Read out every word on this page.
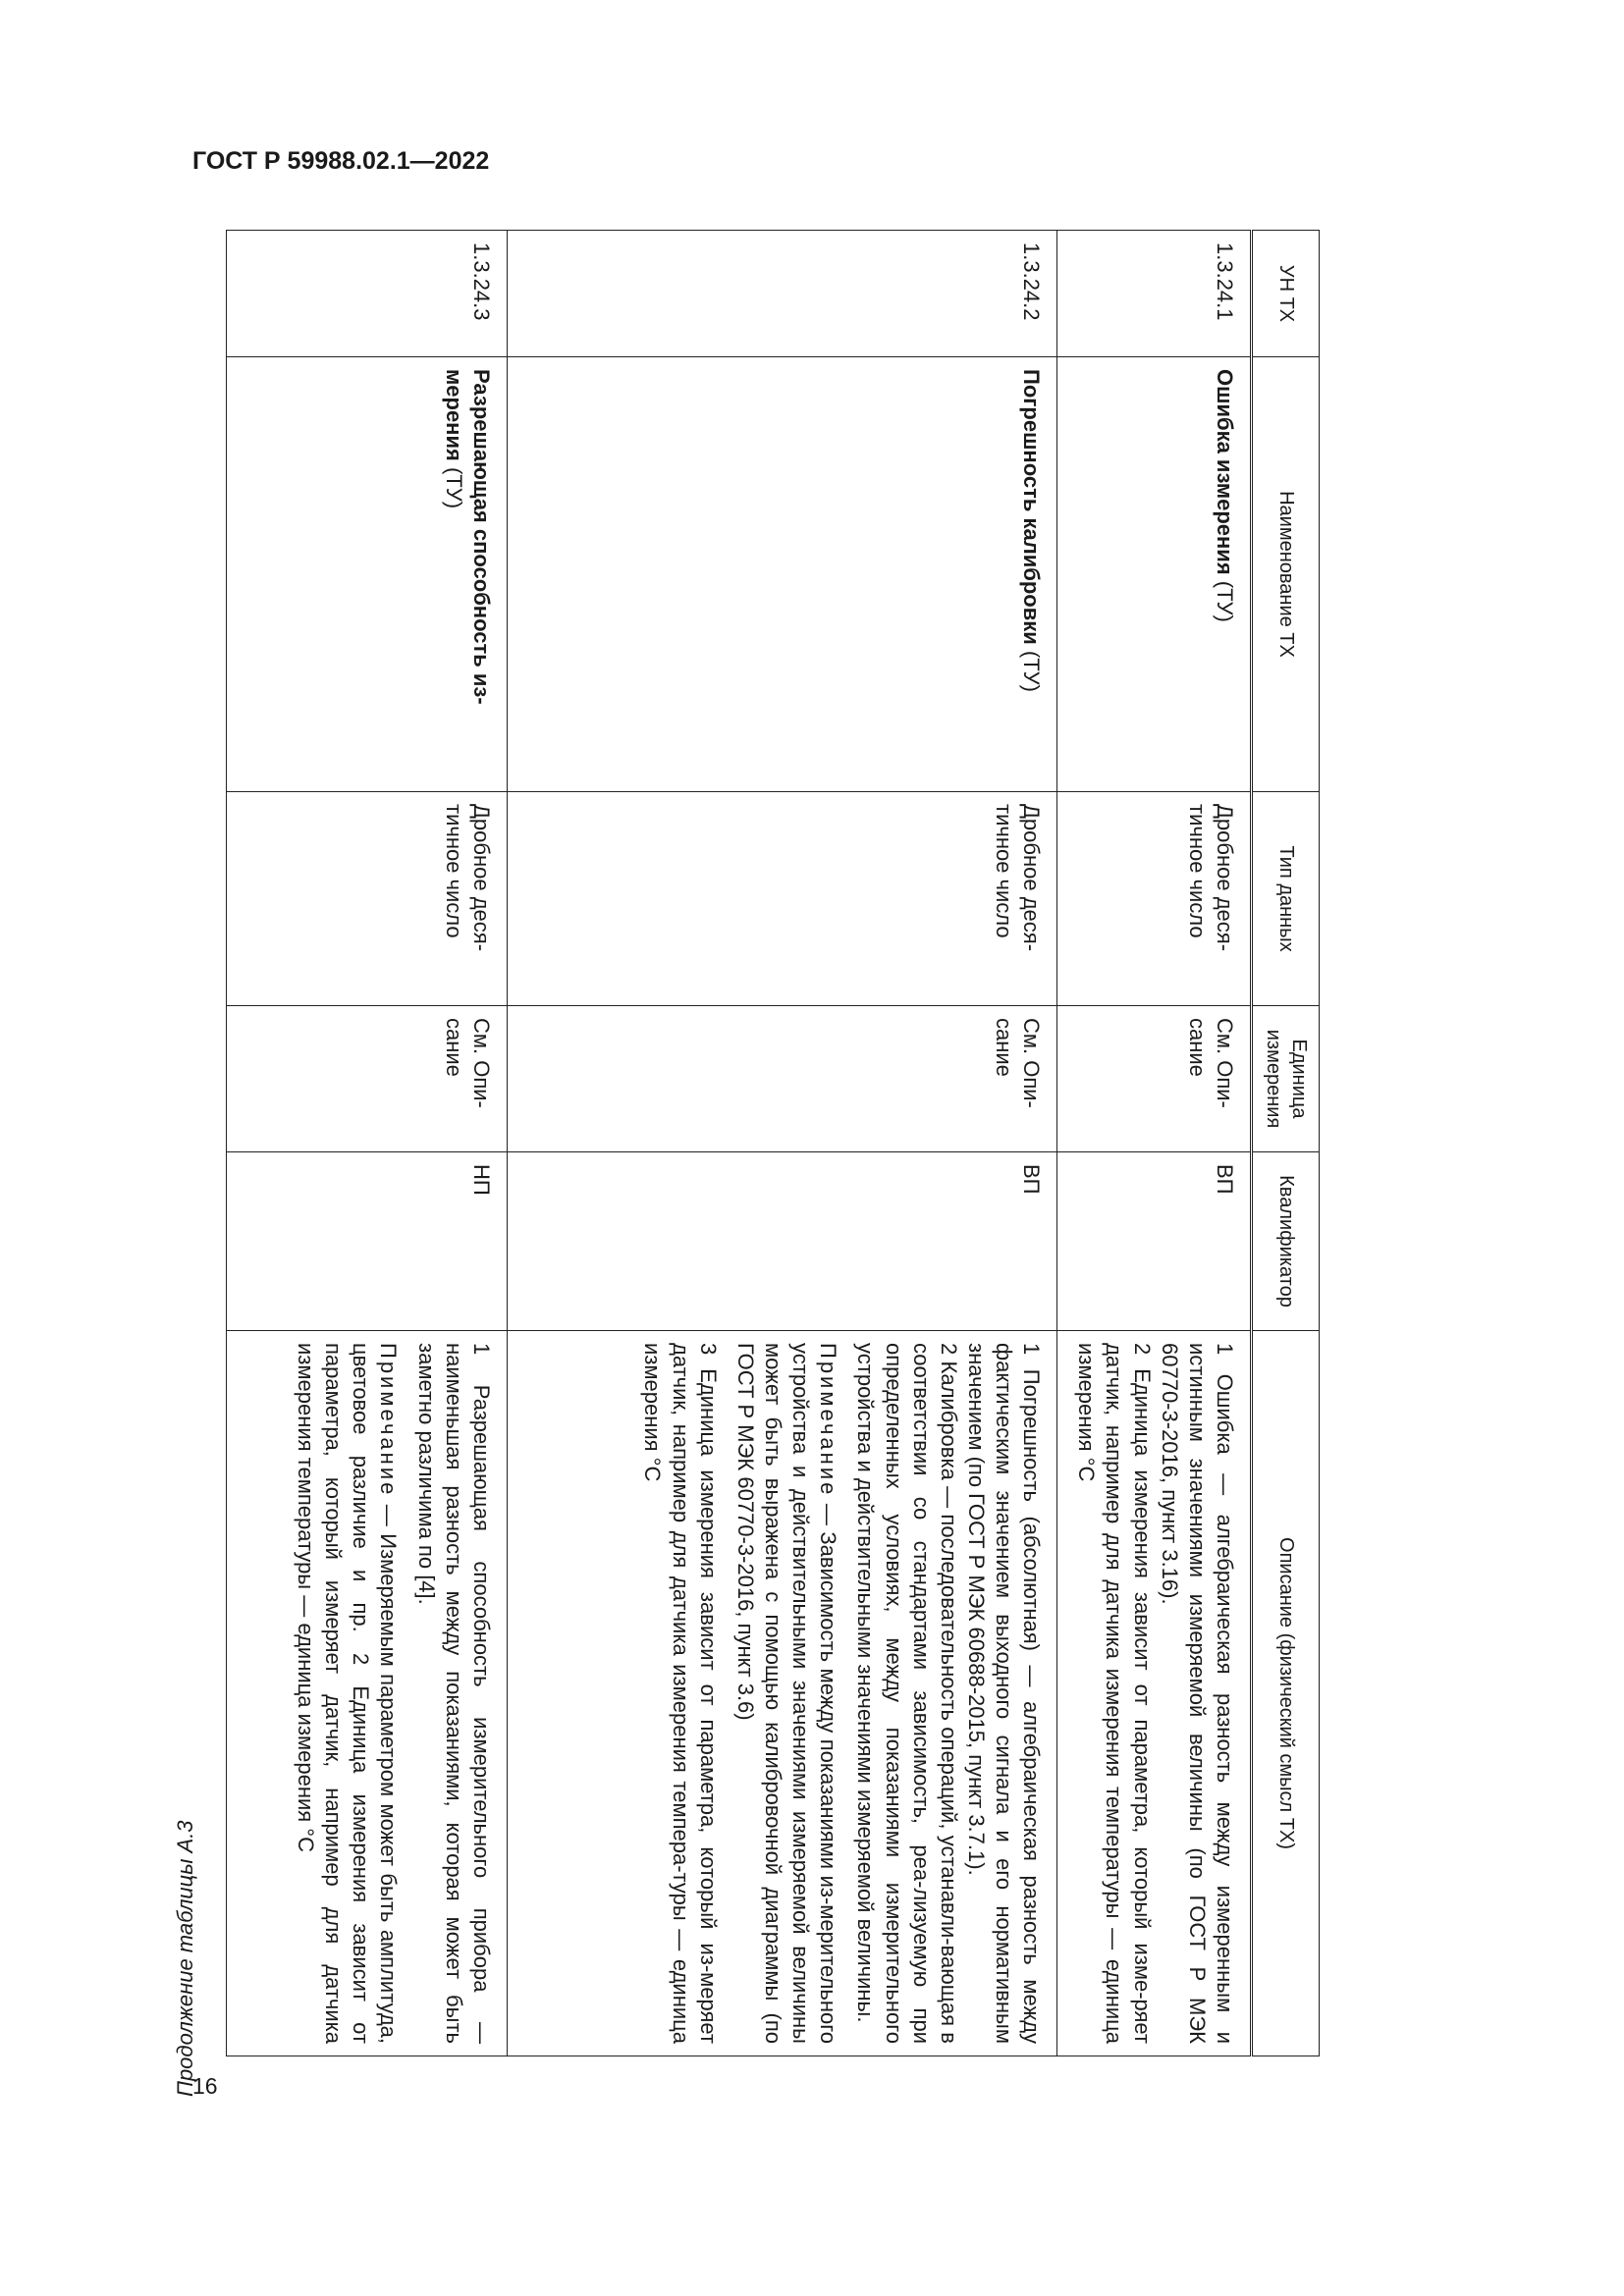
ГОСТ Р 59988.02.1—2022
16
Продолжение таблицы А.3
УН ТХ	Наименование ТХ	Тип данных	Единица измерения	Квалификатор	Описание (физический смысл ТХ)
1.3.24.1	Ошибка измерения (ТУ)	Дробное деся-тичное число	См. Опи-сание	ВП	1 Ошибка — алгебраическая разность между измеренным и истинным значениями измеряемой величины (по ГОСТ Р МЭК 60770-3-2016, пункт 3.16).

2 Единица измерения зависит от параметра, который изме-ряет датчик, например для датчика измерения температуры — единица измерения °С

1.3.24.2	Погрешность калибровки (ТУ)	Дробное деся-тичное число	См. Опи-сание	ВП	1 Погрешность (абсолютная) — алгебраическая разность между фактическим значением выходного сигнала и его нормативным значением (по ГОСТ Р МЭК 60688-2015, пункт 3.7.1).

2 Калибровка — последовательность операций, устанавли-вающая в соответствии со стандартами зависимость, реа-лизуемую при определенных условиях, между показаниями измерительного устройства и действительными значениями измеряемой величины.

Примечание — Зависимость между показаниями из-мерительного устройства и действительными значениями измеряемой величины может быть выражена с помощью калибровочной диаграммы (по ГОСТ Р МЭК 60770-3-2016, пункт 3.6)

3 Единица измерения зависит от параметра, который из-меряет датчик, например для датчика измерения темпера-туры — единица измерения °С

1.3.24.3	Разрешающая способность из-мерения (ТУ)	Дробное деся-тичное число	См. Опи-сание	НП	1 Разрешающая способность измерительного прибора — наименьшая разность между показаниями, которая может быть заметно различима по [4].

Примечание — Измеряемым параметром может быть амплитуда, цветовое различие и пр. 2 Единица измерения зависит от параметра, который измеряет датчик, например для датчика измерения температуры — единица измерения °С
